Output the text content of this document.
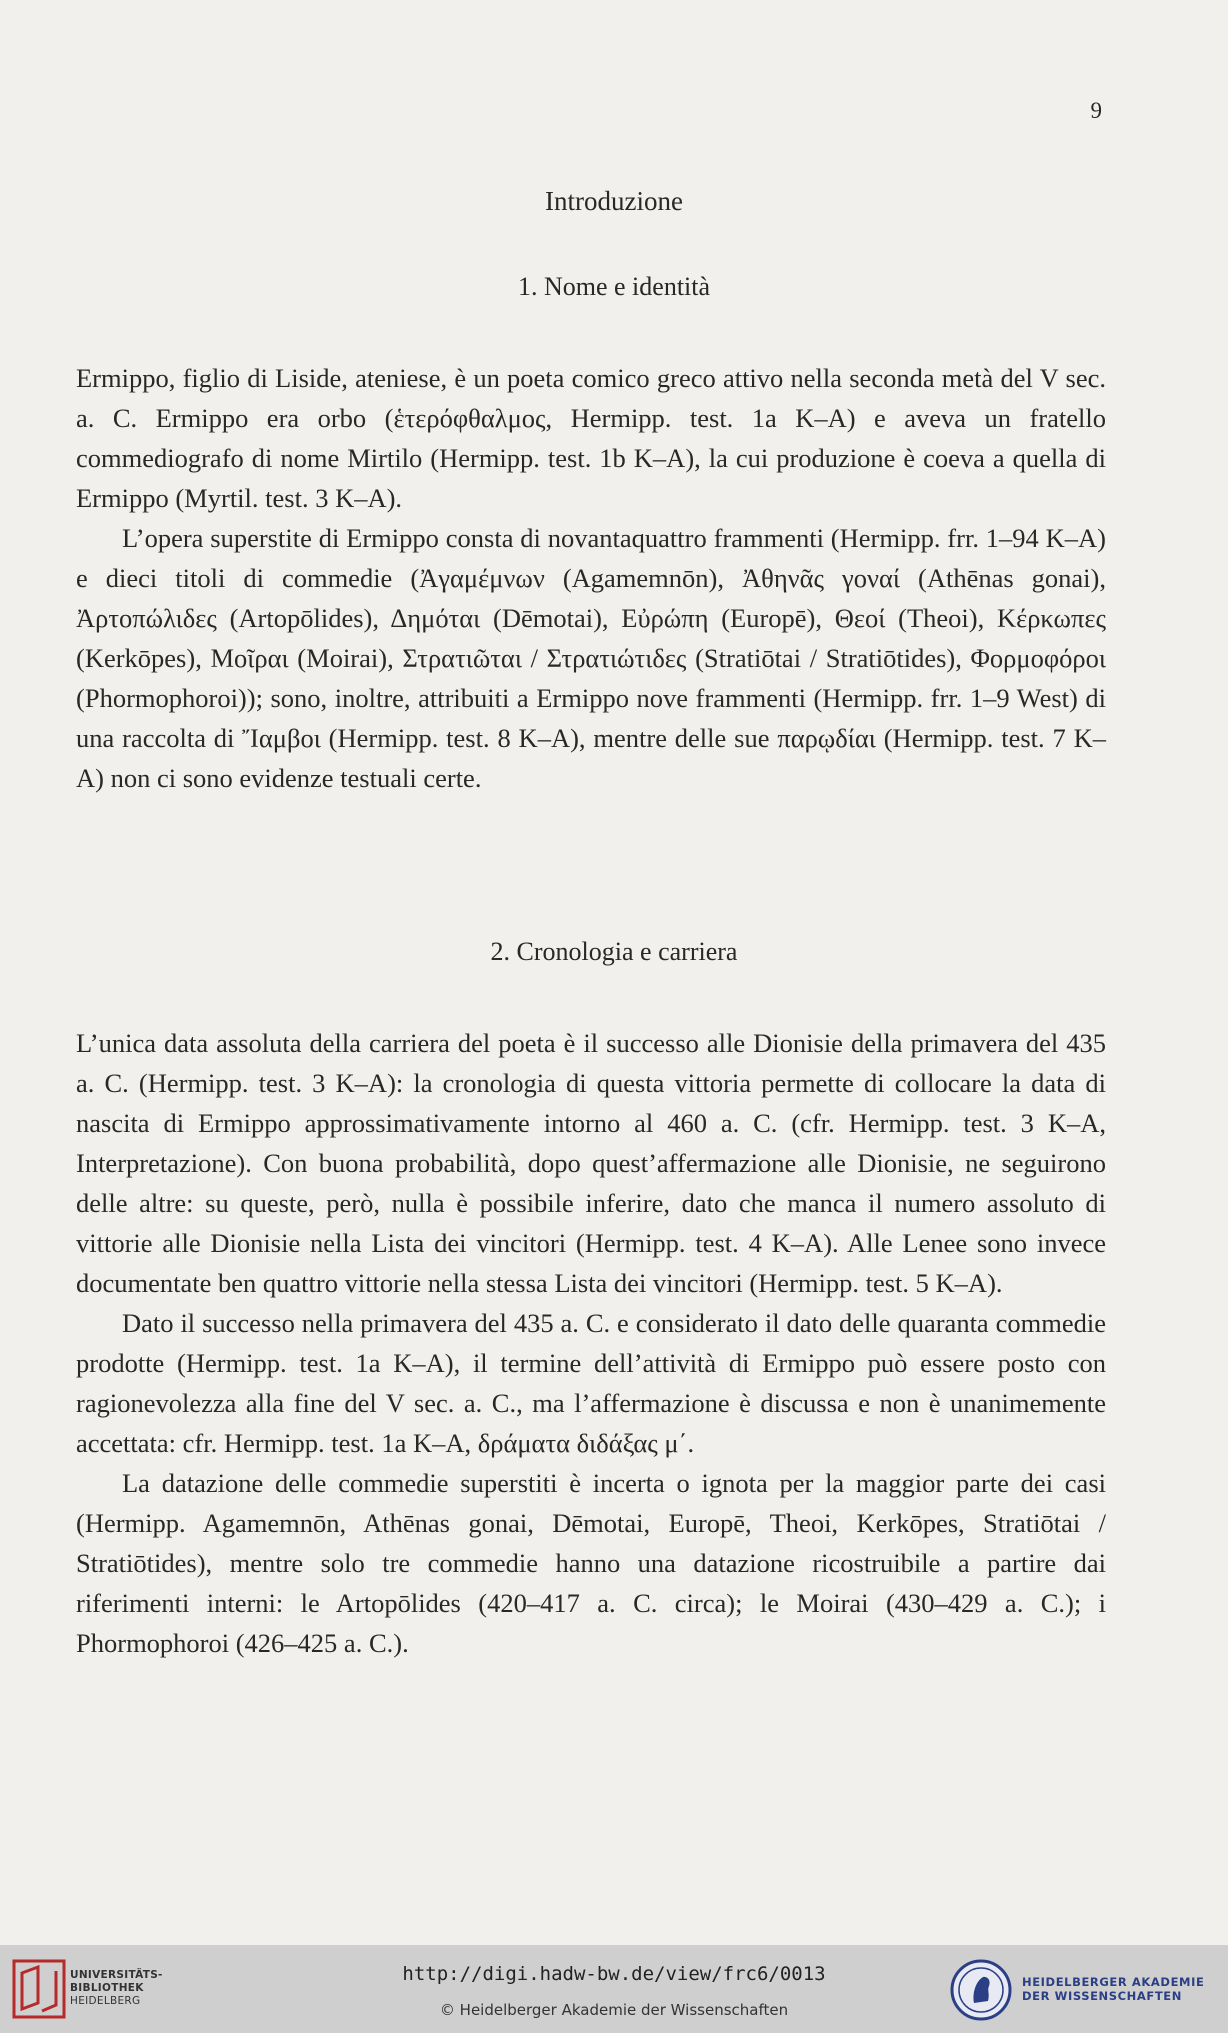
9
Introduzione
1. Nome e identità

Ermippo, figlio di Liside, ateniese, è un poeta comico greco attivo nella seconda metà del V sec. a. C. Ermippo era orbo (ἑτερόφθαλμος, Hermipp. test. 1a K–A) e aveva un fratello commediografo di nome Mirtilo (Hermipp. test. 1b K–A), la cui produzione è coeva a quella di Ermippo (Myrtil. test. 3 K–A).

L’opera superstite di Ermippo consta di novantaquattro frammenti (Hermipp. frr. 1–94 K–A) e dieci titoli di commedie (Ἀγαμέμνων (Agamemnōn), Ἀθηνᾶς γοναί (Athēnas gonai), Ἀρτοπώλιδες (Artopōlides), Δημόται (Dēmotai), Εὐρώπη (Europē), Θεοί (Theoi), Κέρκωπες (Kerkōpes), Μοῖραι (Moirai), Στρατιῶται / Στρατιώτιδες (Stratiōtai / Stratiōtides), Φορμοφόροι (Phormophoroi)); sono, inoltre, attribuiti a Ermippo nove frammenti (Hermipp. frr. 1–9 West) di una raccolta di Ἴαμβοι (Hermipp. test. 8 K–A), mentre delle sue παρῳδίαι (Hermipp. test. 7 K–A) non ci sono evidenze testuali certe.

2. Cronologia e carriera

L’unica data assoluta della carriera del poeta è il successo alle Dionisie della primavera del 435 a. C. (Hermipp. test. 3 K–A): la cronologia di questa vittoria permette di collocare la data di nascita di Ermippo approssimativamente intorno al 460 a. C. (cfr. Hermipp. test. 3 K–A, Interpretazione). Con buona probabilità, dopo quest’affermazione alle Dionisie, ne seguirono delle altre: su queste, però, nulla è possibile inferire, dato che manca il numero assoluto di vittorie alle Dionisie nella Lista dei vincitori (Hermipp. test. 4 K–A). Alle Lenee sono invece documentate ben quattro vittorie nella stessa Lista dei vincitori (Hermipp. test. 5 K–A).

Dato il successo nella primavera del 435 a. C. e considerato il dato delle quaranta commedie prodotte (Hermipp. test. 1a K–A), il termine dell’attività di Ermippo può essere posto con ragionevolezza alla fine del V sec. a. C., ma l’affermazione è discussa e non è unanimemente accettata: cfr. Hermipp. test. 1a K–A, δράματα διδάξας μ΄.

La datazione delle commedie superstiti è incerta o ignota per la maggior parte dei casi (Hermipp. Agamemnōn, Athēnas gonai, Dēmotai, Europē, Theoi, Kerkōpes, Stratiōtai / Stratiōtides), mentre solo tre commedie hanno una datazione ricostruibile a partire dai riferimenti interni: le Artopōlides (420–417 a. C. circa); le Moirai (430–429 a. C.); i Phormophoroi (426–425 a. C.).

UNIVERSITÄTS-
BIBLIOTHEK
HEIDELBERG
http://digi.hadw-bw.de/view/frc6/0013
© Heidelberger Akademie der Wissenschaften
HEIDELBERGER AKADEMIE
DER WISSENSCHAFTEN
